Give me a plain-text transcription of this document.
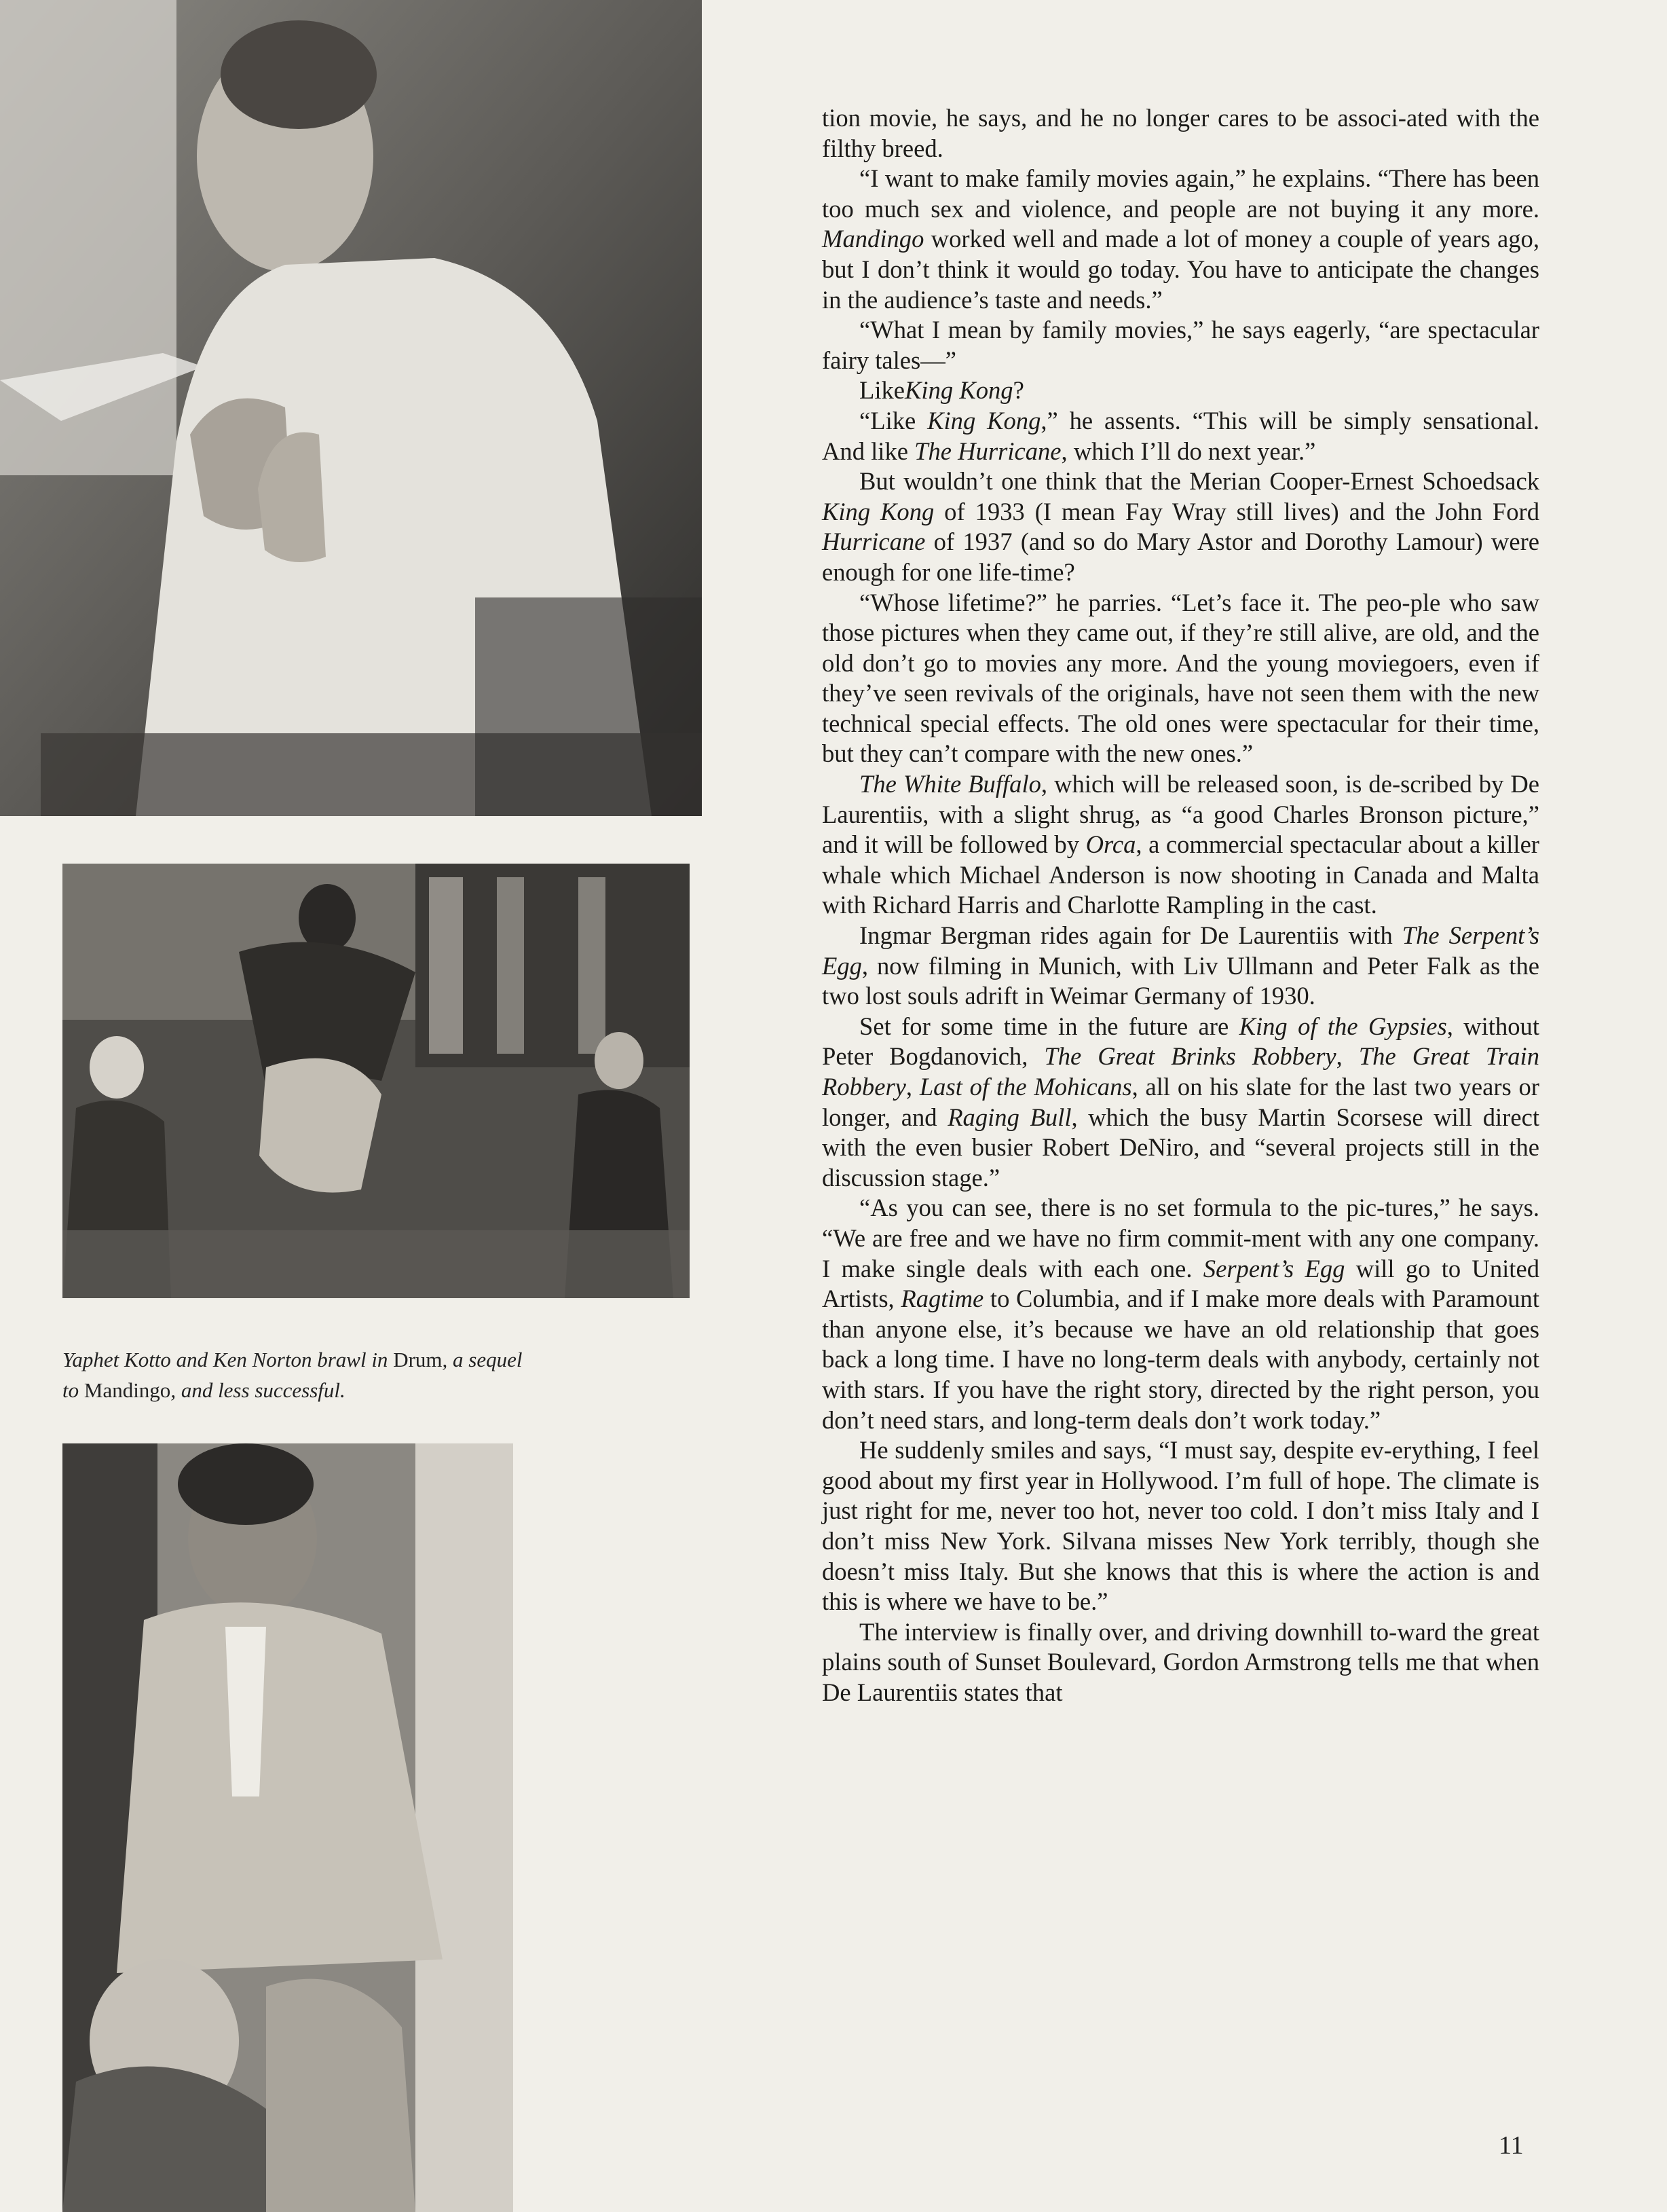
Yaphet Kotto and Ken Norton brawl in Drum, a sequel to Mandingo, and less successful.

tion movie, he says, and he no longer cares to be associ-ated with the filthy breed.

“I want to make family movies again,” he explains. “There has been too much sex and violence, and people are not buying it any more. Mandingo worked well and made a lot of money a couple of years ago, but I don’t think it would go today. You have to anticipate the changes in the audience’s taste and needs.”

“What I mean by family movies,” he says eagerly, “are spectacular fairy tales—”

LikeKing Kong?

“Like King Kong,” he assents. “This will be simply sensational. And like The Hurricane, which I’ll do next year.”

But wouldn’t one think that the Merian Cooper-Ernest Schoedsack King Kong of 1933 (I mean Fay Wray still lives) and the John Ford Hurricane of 1937 (and so do Mary Astor and Dorothy Lamour) were enough for one life-time?

“Whose lifetime?” he parries. “Let’s face it. The peo-ple who saw those pictures when they came out, if they’re still alive, are old, and the old don’t go to movies any more. And the young moviegoers, even if they’ve seen revivals of the originals, have not seen them with the new technical special effects. The old ones were spectacular for their time, but they can’t compare with the new ones.”

The White Buffalo, which will be released soon, is de-scribed by De Laurentiis, with a slight shrug, as “a good Charles Bronson picture,” and it will be followed by Orca, a commercial spectacular about a killer whale which Michael Anderson is now shooting in Canada and Malta with Richard Harris and Charlotte Rampling in the cast.

Ingmar Bergman rides again for De Laurentiis with The Serpent’s Egg, now filming in Munich, with Liv Ullmann and Peter Falk as the two lost souls adrift in Weimar Germany of 1930.

Set for some time in the future are King of the Gypsies, without Peter Bogdanovich, The Great Brinks Robbery, The Great Train Robbery, Last of the Mohicans, all on his slate for the last two years or longer, and Raging Bull, which the busy Martin Scorsese will direct with the even busier Robert DeNiro, and “several projects still in the discussion stage.”

“As you can see, there is no set formula to the pic-tures,” he says. “We are free and we have no firm commit-ment with any one company. I make single deals with each one. Serpent’s Egg will go to United Artists, Ragtime to Columbia, and if I make more deals with Paramount than anyone else, it’s because we have an old relationship that goes back a long time. I have no long-term deals with anybody, certainly not with stars. If you have the right story, directed by the right person, you don’t need stars, and long-term deals don’t work today.”

He suddenly smiles and says, “I must say, despite ev-erything, I feel good about my first year in Hollywood. I’m full of hope. The climate is just right for me, never too hot, never too cold. I don’t miss Italy and I don’t miss New York. Silvana misses New York terribly, though she doesn’t miss Italy. But she knows that this is where the action is and this is where we have to be.”

The interview is finally over, and driving downhill to-ward the great plains south of Sunset Boulevard, Gordon Armstrong tells me that when De Laurentiis states that

11
